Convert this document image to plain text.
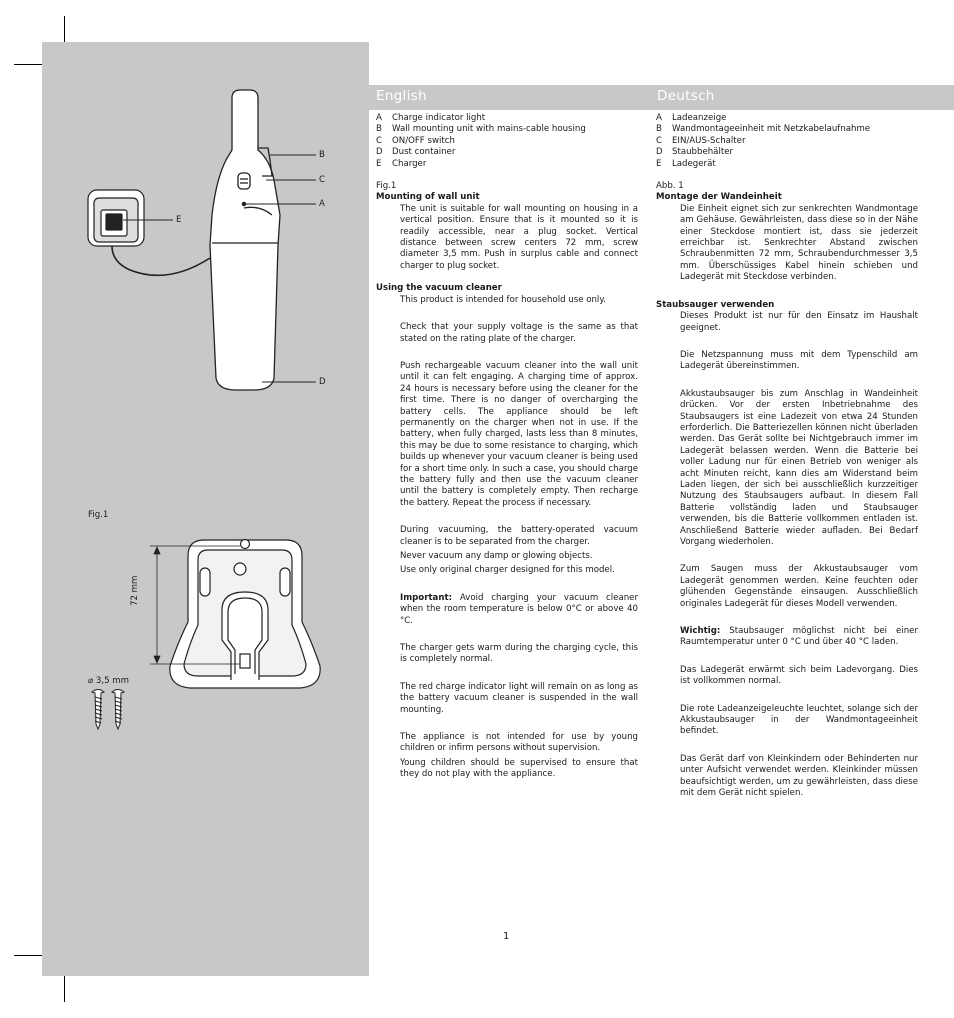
English	Deutsch
B
C
A
E
D
Fig.1
72 mm
⌀ 3,5 mm
A	Charge indicator light
B	Wall mounting unit with mains-cable housing
C	ON/OFF switch
D	Dust container
E	Charger
Fig.1
Mounting of wall unit

The unit is suitable for wall mounting on housing in a vertical position. Ensure that is it mounted so it is readily accessible, near a plug socket. Vertical distance between screw centers 72 mm, screw diameter 3,5 mm. Push in surplus cable and connect charger to plug socket.

Using the vacuum cleaner

This product is intended for household use only.

Check that your supply voltage is the same as that stated on the rating plate of the charger.

Push rechargeable vacuum cleaner into the wall unit until it can felt engaging. A charging time of approx. 24 hours is necessary before using the cleaner for the first time. There is no danger of overcharging the battery cells. The appliance should be left permanently on the charger when not in use. If the battery, when fully charged, lasts less than 8 minutes, this may be due to some resistance to charging, which builds up whenever your vacuum cleaner is being used for a short time only. In such a case, you should charge the battery fully and then use the vacuum cleaner until the battery is completely empty. Then recharge the battery. Repeat the process if necessary.

During vacuuming, the battery-operated vacuum cleaner is to be separated from the charger.

Never vacuum any damp or glowing objects.

Use only original charger designed for this model.

Important: Avoid charging your vacuum cleaner when the room temperature is below 0°C or above 40 °C.

The charger gets warm during the charging cycle, this is completely normal.

The red charge indicator light will remain on as long as the battery vacuum cleaner is suspended in the wall mounting.

The appliance is not intended for use by young children or infirm persons without supervision.

Young children should be supervised to ensure that they do not play with the appliance.

A	Ladeanzeige
B	Wandmontageeinheit mit Netzkabelaufnahme
C	EIN/AUS-Schalter
D	Staubbehälter
E	Ladegerät
Abb. 1
Montage der Wandeinheit

Die Einheit eignet sich zur senkrechten Wandmontage am Gehäuse. Gewährleisten, dass diese so in der Nähe einer Steckdose montiert ist, dass sie jederzeit erreichbar ist. Senkrechter Abstand zwischen Schraubenmitten 72 mm, Schraubendurchmesser 3,5 mm. Überschüssiges Kabel hinein schieben und Ladegerät mit Steckdose verbinden.

Staubsauger verwenden

Dieses Produkt ist nur für den Einsatz im Haushalt geeignet.

Die Netzspannung muss mit dem Typenschild am Ladegerät übereinstimmen.

Akkustaubsauger bis zum Anschlag in Wandeinheit drücken. Vor der ersten Inbetriebnahme des Staubsaugers ist eine Ladezeit von etwa 24 Stunden erforderlich. Die Batteriezellen können nicht überladen werden. Das Gerät sollte bei Nichtgebrauch immer im Ladegerät belassen werden. Wenn die Batterie bei voller Ladung nur für einen Betrieb von weniger als acht Minuten reicht, kann dies am Widerstand beim Laden liegen, der sich bei ausschließlich kurzzeitiger Nutzung des Staubsaugers aufbaut. In diesem Fall Batterie vollständig laden und Staubsauger verwenden, bis die Batterie vollkommen entladen ist. Anschließend Batterie wieder aufladen. Bei Bedarf Vorgang wiederholen.

Zum Saugen muss der Akkustaubsauger vom Ladegerät genommen werden. Keine feuchten oder glühenden Gegenstände einsaugen. Ausschließlich originales Ladegerät für dieses Modell verwenden.

Wichtig: Staubsauger möglichst nicht bei einer Raumtemperatur unter 0 °C und über 40 °C laden.

Das Ladegerät erwärmt sich beim Ladevorgang. Dies ist vollkommen normal.

Die rote Ladeanzeigeleuchte leuchtet, solange sich der Akkustaubsauger in der Wandmontageeinheit befindet.

Das Gerät darf von Kleinkindern oder Behinderten nur unter Aufsicht verwendet werden. Kleinkinder müssen beaufsichtigt werden, um zu gewährleisten, dass diese mit dem Gerät nicht spielen.

1
